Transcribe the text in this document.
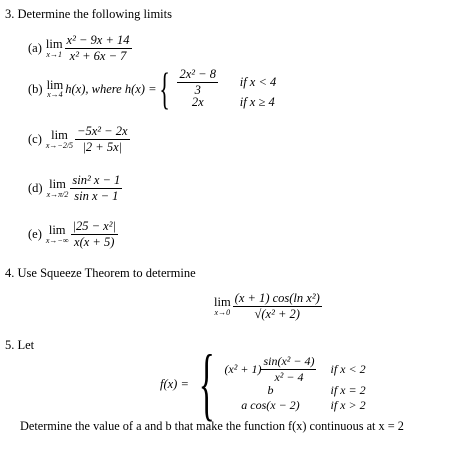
3. Determine the following limits
(a) lim
$x\to 1 \frac{\text{x² − 9x + 14}}{\text{x² + 6x − 7}}$
(b) lim
x→4 h(x), where h(x) = { $\frac{\text{2x² − 8}}{3}$ if x < 4
2x	if x ≥ 4
(c) lim
$x\to-2/5 \frac{\text{−5x² − 2x}}{|2 + 5x|}$
(d) lim
$x\to\pi/2 \frac{\text{sin² x − 1}}{\text{sin x − 1}}$
(e) lim
$x\to-\infty \frac{\text{|25 − x²|}}{x(x + 5)}$
4. Use Squeeze Theorem to determine
lim
$x\to 0 \frac{\text{(x + 1) cos(ln x²)}}{\text{√(x² + 2)}}$
5. Let
f(x) = { $(x^2 + 1) \frac{\text{sin(x² − 4)}}{\text{x² − 4}}$ if x < 2
b	if x = 2
a cos(x − 2)	if x > 2
Determine the value of a and b that make the function f(x) continuous at x = 2
